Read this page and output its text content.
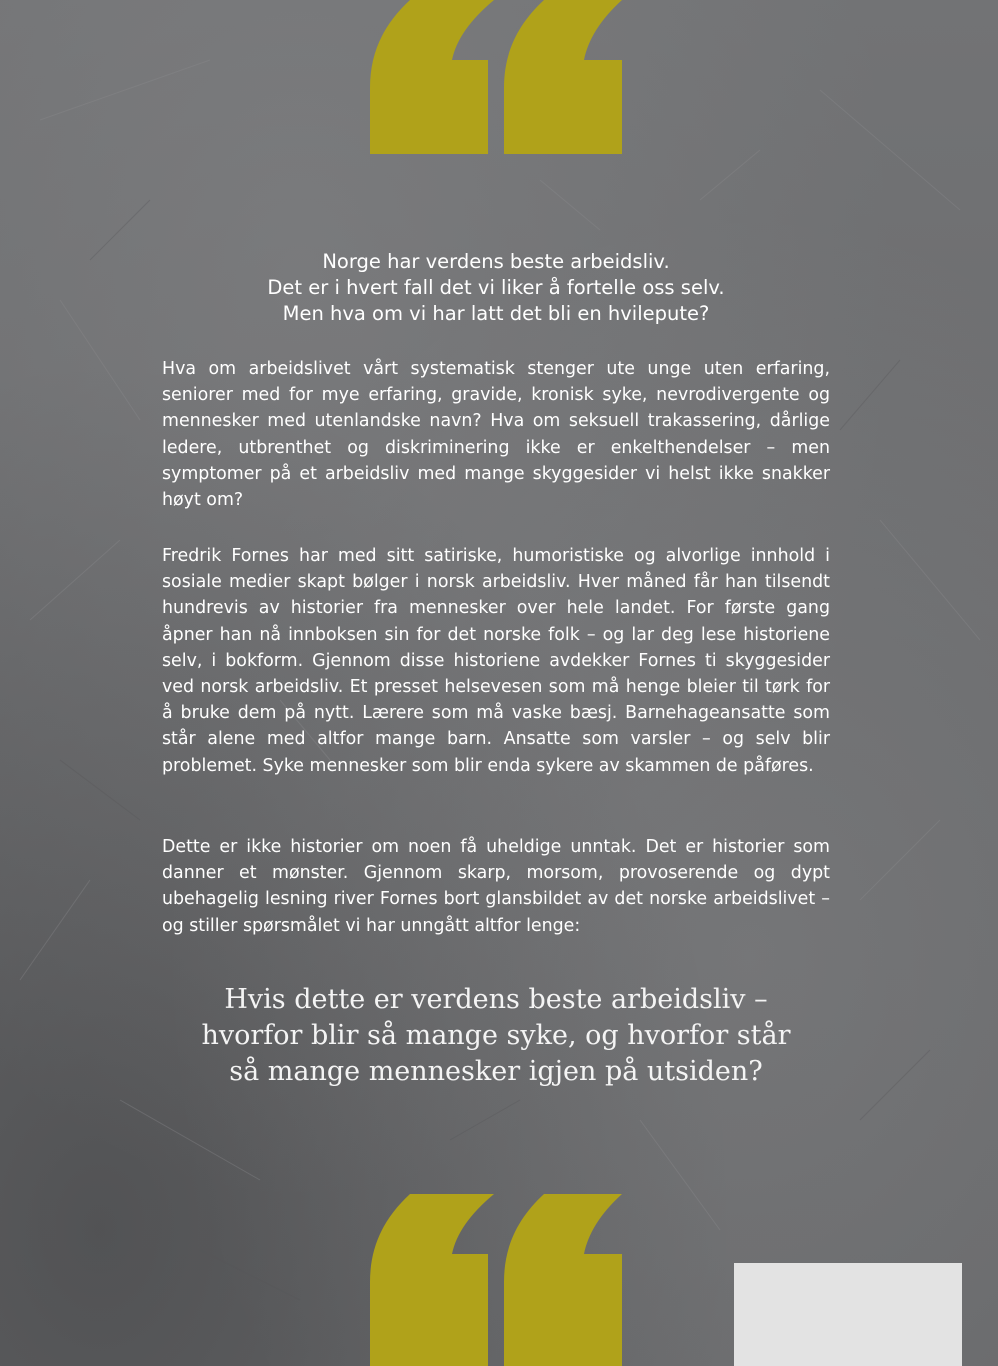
Norge har verdens beste arbeidsliv.
Det er i hvert fall det vi liker å fortelle oss selv.
Men hva om vi har latt det bli en hvilepute?
Hva om arbeidslivet vårt systematisk stenger ute unge uten erfaring, seniorer med for mye erfaring, gravide, kronisk syke, nevrodivergente og mennesker med utenlandske navn? Hva om seksuell trakassering, dårlige ledere, utbrenthet og diskriminering ikke er enkelthendelser – men symptomer på et arbeidsliv med mange skyggesider vi helst ikke snakker høyt om?
Fredrik Fornes har med sitt satiriske, humoristiske og alvorlige innhold i sosiale medier skapt bølger i norsk arbeidsliv. Hver måned får han tilsendt hundrevis av historier fra mennesker over hele landet. For første gang åpner han nå innboksen sin for det norske folk – og lar deg lese historiene selv, i bokform. Gjennom disse historiene avdekker Fornes ti skyggesider ved norsk arbeidsliv. Et presset helsevesen som må henge bleier til tørk for å bruke dem på nytt. Lærere som må vaske bæsj. Barnehageansatte som står alene med altfor mange barn. Ansatte som varsler – og selv blir problemet. Syke mennesker som blir enda sykere av skammen de påføres.
Dette er ikke historier om noen få uheldige unntak. Det er historier som danner et mønster. Gjennom skarp, morsom, provoserende og dypt ubehagelig lesning river Fornes bort glansbildet av det norske arbeidslivet – og stiller spørsmålet vi har unngått altfor lenge:
Hvis dette er verdens beste arbeidsliv –
hvorfor blir så mange syke, og hvorfor står
så mange mennesker igjen på utsiden?
